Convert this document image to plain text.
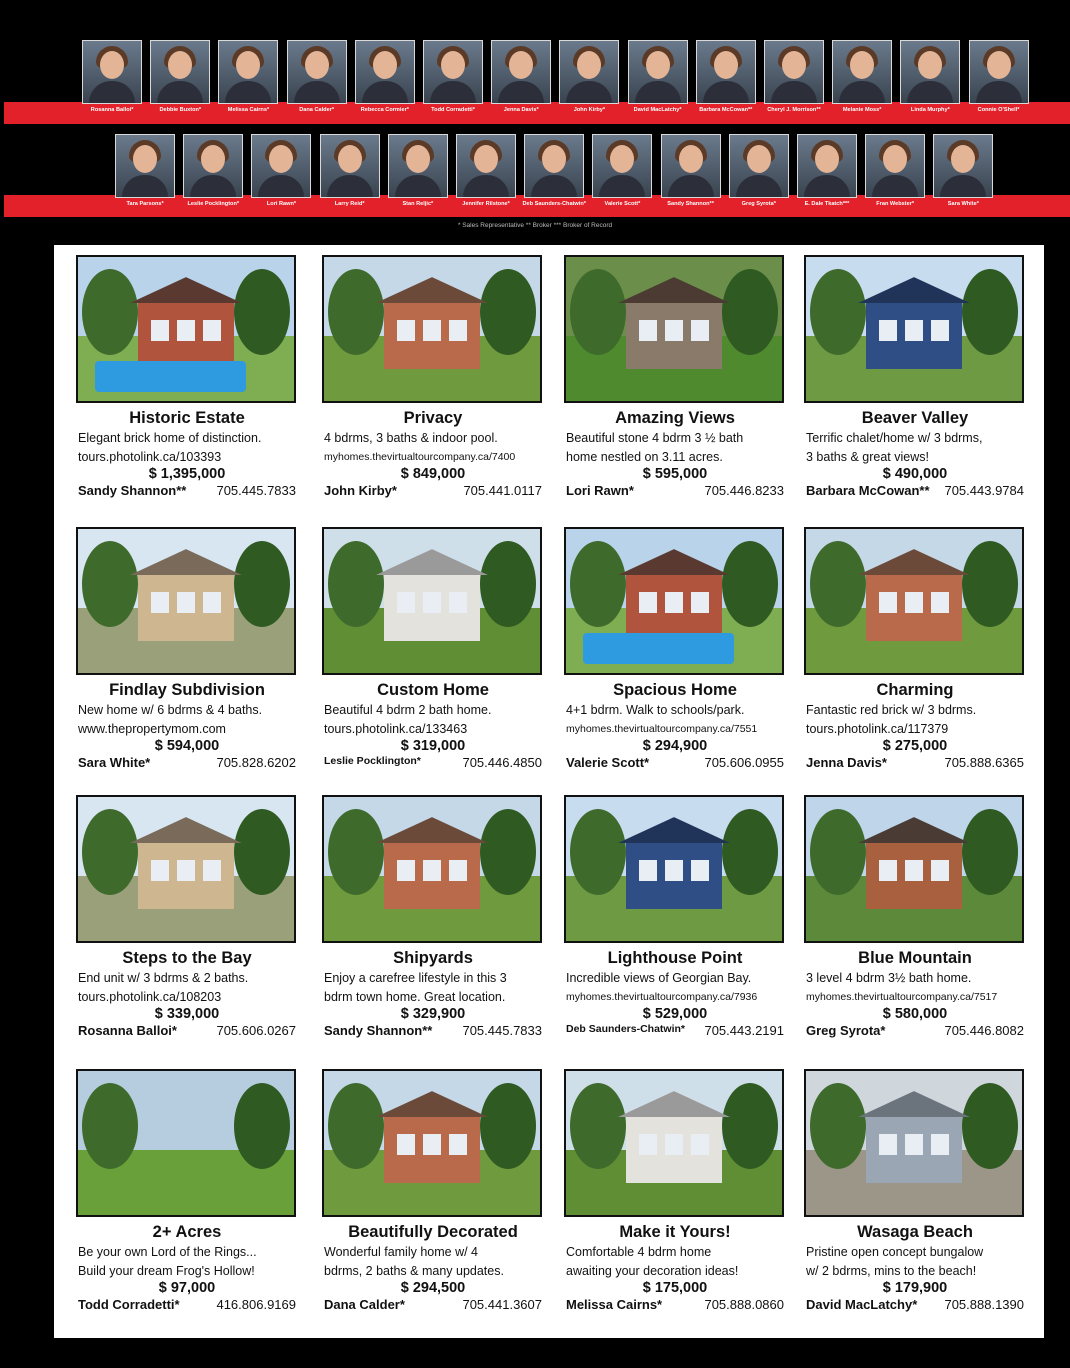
Rosanna Balloi*	Debbie Buxton*	Melissa Cairns*	Dana Calder*	Rebecca Cormier*	Todd Corradetti*	Jenna Davis*	John Kirby*	David MacLatchy*	Barbara McCowan**	Cheryl J. Morrison**	Melanie Moss*	Linda Murphy*	Connie O'Shell*
Tara Parsons*	Leslie Pocklington*	Lori Rawn*	Larry Reid*	Stan Reljic*	Jennifer Rilstone*	Deb Saunders-Chatwin*	Valerie Scott*	Sandy Shannon**	Greg Syrota*	E. Dale Tkatch***	Fran Webster*	Sara White*
* Sales Representative ** Broker *** Broker of Record
Historic Estate
Elegant brick home of distinction.
tours.photolink.ca/103393
$ 1,395,000
Sandy Shannon** 705.445.7833
Privacy
4 bdrms, 3 baths & indoor pool.
myhomes.thevirtualtourcompany.ca/7400
$ 849,000
John Kirby*	705.441.0117
Amazing Views
Beautiful stone 4 bdrm 3 ½ bath
home nestled on 3.11 acres.
$ 595,000
Lori Rawn*	705.446.8233
Beaver Valley
Terrific chalet/home w/ 3 bdrms,
3 baths & great views!
$ 490,000
Barbara McCowan** 705.443.9784
Findlay Subdivision
New home w/ 6 bdrms & 4 baths.
www.thepropertymom.com
$ 594,000
Sara White*	705.828.6202
Custom Home
Beautiful 4 bdrm 2 bath home.
tours.photolink.ca/133463
$ 319,000
Leslie Pocklington*	705.446.4850
Spacious Home
4+1 bdrm. Walk to schools/park.
myhomes.thevirtualtourcompany.ca/7551
$ 294,900
Valerie Scott*	705.606.0955
Charming
Fantastic red brick w/ 3 bdrms.
tours.photolink.ca/117379
$ 275,000
Jenna Davis*	705.888.6365
Steps to the Bay
End unit w/ 3 bdrms & 2 baths.
tours.photolink.ca/108203
$ 339,000
Rosanna Balloi*	705.606.0267
Shipyards
Enjoy a carefree lifestyle in this 3
bdrm town home. Great location.
$ 329,900
Sandy Shannon** 705.445.7833
Lighthouse Point
Incredible views of Georgian Bay.
myhomes.thevirtualtourcompany.ca/7936
$ 529,000
Deb Saunders-Chatwin* 705.443.2191
Blue Mountain
3 level 4 bdrm 3½ bath home.
myhomes.thevirtualtourcompany.ca/7517
$ 580,000
Greg Syrota*	705.446.8082
2+ Acres
Be your own Lord of the Rings...
Build your dream Frog's Hollow!
$ 97,000
Todd Corradetti*	416.806.9169
Beautifully Decorated
Wonderful family home w/ 4
bdrms, 2 baths & many updates.
$ 294,500
Dana Calder*	705.441.3607
Make it Yours!
Comfortable 4 bdrm home
awaiting your decoration ideas!
$ 175,000
Melissa Cairns*	705.888.0860
Wasaga Beach
Pristine open concept bungalow
w/ 2 bdrms, mins to the beach!
$ 179,900
David MacLatchy* 705.888.1390
